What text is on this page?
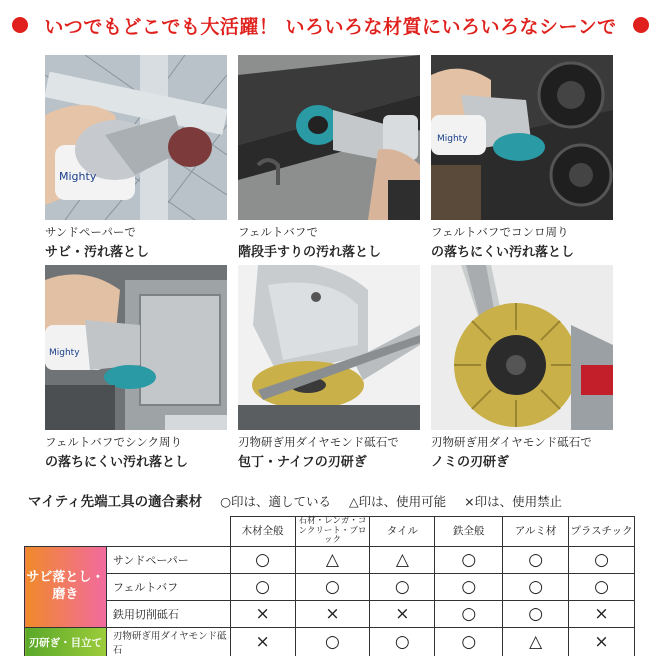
いつでもどこでも大活躍！ いろいろな材質にいろいろなシーンで
Mighty
サンドペーパーで
サビ・汚れ落とし
フェルトバフで
階段手すりの汚れ落とし
Mighty
フェルトバフでコンロ周り
の落ちにくい汚れ落とし
Mighty
フェルトバフでシンク周り
の落ちにくい汚れ落とし
刃物研ぎ用ダイヤモンド砥石で
包丁・ナイフの刃研ぎ
刃物研ぎ用ダイヤモンド砥石で
ノミの刃研ぎ
マイティ先端工具の適合素材 ○印は、適している △印は、使用可能 ×印は、使用禁止
		木材全般	石材・レンガ・コンクリート・ブロック	タイル	鉄全般	アルミ材	プラスチック
サビ落とし・磨き	サンドペーパー	○	△	△	○	○	○
	フェルトバフ	○	○	○	○	○	○
	鉄用切削砥石	×	×	×	○	○	×
刃研ぎ・目立て	刃物研ぎ用ダイヤモンド砥石	×	○	○	○	△	×
